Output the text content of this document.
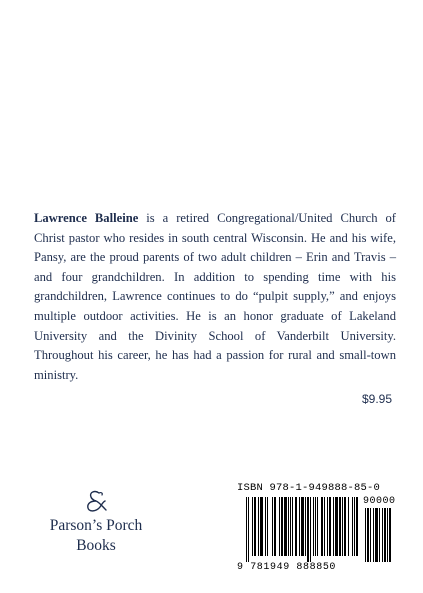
Lawrence Balleine is a retired Congregational/United Church of Christ pastor who resides in south central Wisconsin. He and his wife, Pansy, are the proud parents of two adult children – Erin and Travis – and four grandchildren. In addition to spending time with his grandchildren, Lawrence continues to do “pulpit supply,” and enjoys multiple outdoor activities. He is an honor graduate of Lakeland University and the Divinity School of Vanderbilt University. Throughout his career, he has had a passion for rural and small-town ministry.

$9.95
Parson’s Porch
Books
ISBN 978-1-949888-85-0
90000
9 781949 888850
